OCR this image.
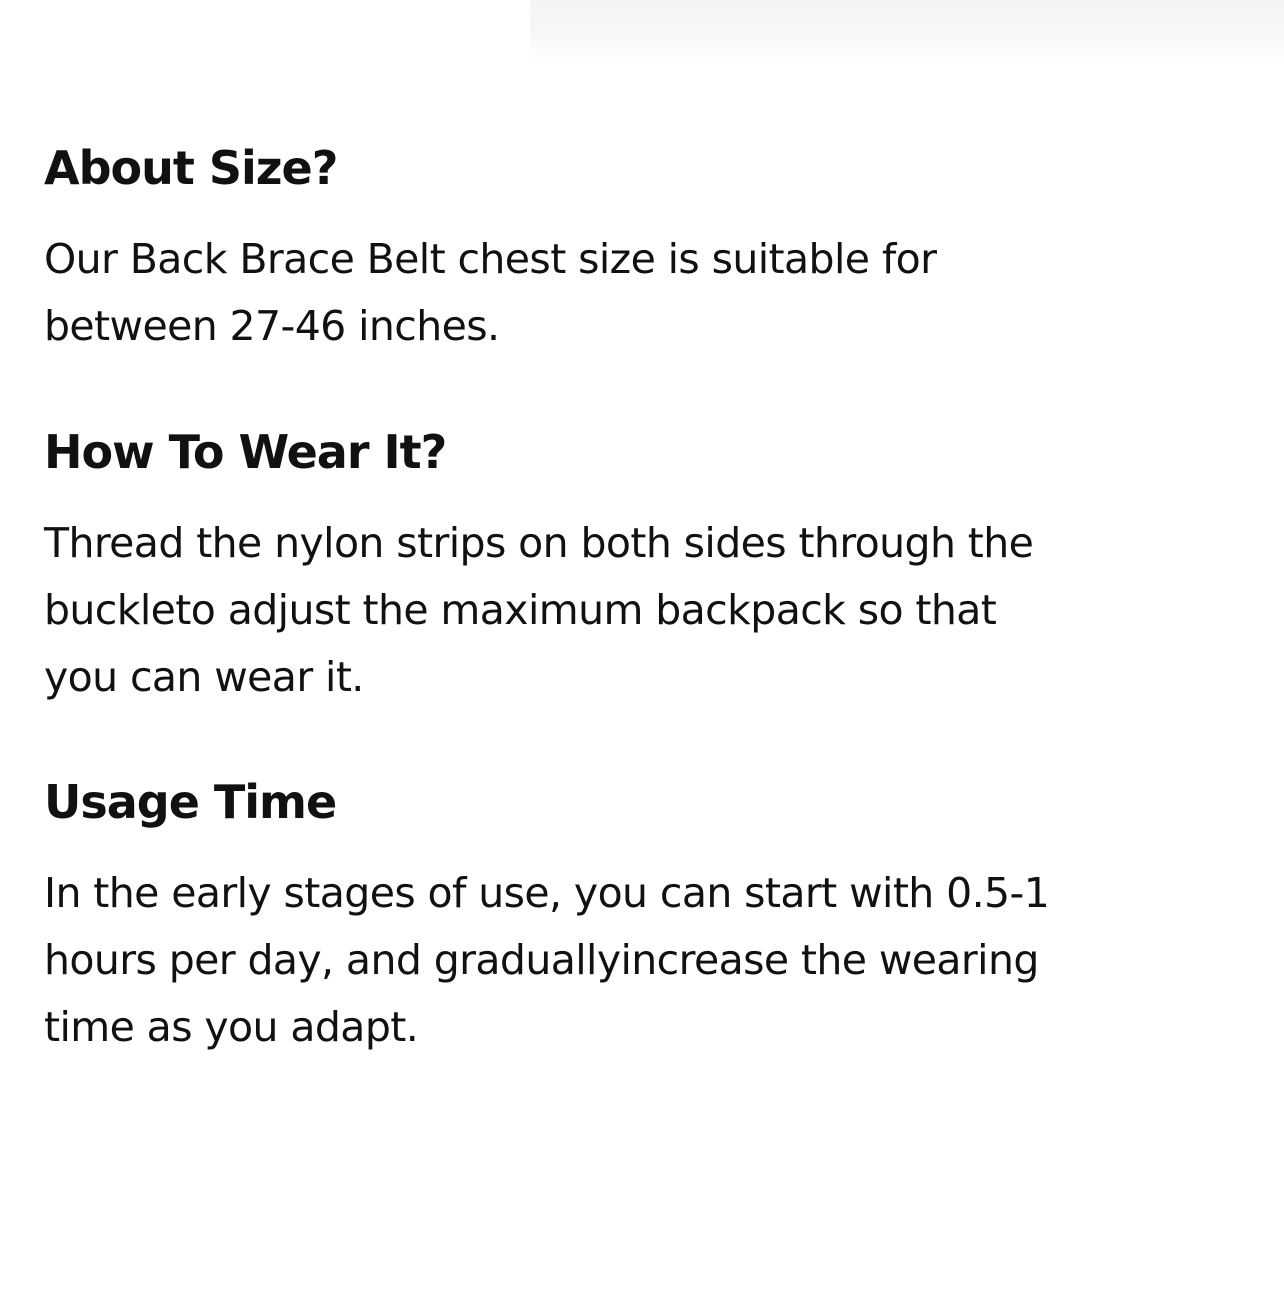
About Size?

Our Back Brace Belt chest size is suitable for
between 27-46 inches.

How To Wear It?

Thread the nylon strips on both sides through the
buckleto adjust the maximum backpack so that
you can wear it.

Usage Time

In the early stages of use, you can start with 0.5-1
hours per day, and graduallyincrease the wearing
time as you adapt.
